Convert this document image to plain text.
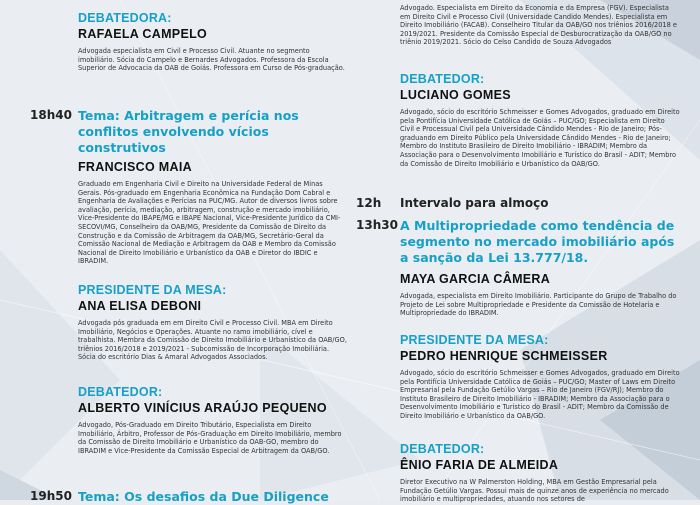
DEBATEDORA:
RAFAELA CAMPELO
Advogada especialista em Civil e Processo Civil. Atuante no segmento imobiliário. Sócia do Campelo e Bernardes Advogados. Professora da Escola Superior de Advocacia da OAB de Goiás. Professora em Curso de Pós-graduação.
18h40 Tema: Arbitragem e perícia nos conflitos envolvendo vícios construtivos
FRANCISCO MAIA
Graduado em Engenharia Civil e Direito na Universidade Federal de Minas Gerais. Pós-graduado em Engenharia Econômica na Fundação Dom Cabral e Engenharia de Avaliações e Perícias na PUC/MG. Autor de diversos livros sobre avaliação, perícia, mediação, arbitragem, construção e mercado imobiliário, Vice-Presidente do IBAPE/MG e IBAPE Nacional, Vice-Presidente Jurídico da CMI-SECOVI/MG, Conselheiro da OAB/MG, Presidente da Comissão de Direito da Construção e da Comissão de Arbitragem da OAB/MG, Secretário-Geral da Comissão Nacional de Mediação e Arbitragem da OAB e Membro da Comissão Nacional de Direito Imobiliário e Urbanístico da OAB e Diretor do IBDIC e IBRADIM.
PRESIDENTE DA MESA:
ANA ELISA DEBONI
Advogada pós graduada em em Direito Civil e Processo Civil. MBA em Direito Imobiliário, Negócios e Operações. Atuante no ramo imobiliário, cível e trabalhista. Membra da Comissão de Direito Imobiliário e Urbanístico da OAB/GO, triênios 2016/2018 e 2019/2021 - Subcomissão de Incorporação Imobiliária. Sócia do escritório Dias & Amaral Advogados Associados.
DEBATEDOR:
ALBERTO VINÍCIUS ARAÚJO PEQUENO
Advogado, Pós-Graduado em Direito Tributário, Especialista em Direito Imobiliário, Árbitro, Professor de Pós-Graduação em Direito Imobiliário, membro da Comissão de Direito Imobiliário e Urbanístico da OAB-GO, membro do IBRADIM e Vice-Presidente da Comissão Especial de Arbitragem da OAB/GO.
19h50 Tema: Os desafios da Due Diligence
Advogado. Especialista em Direito da Economia e da Empresa (FGV). Especialista em Direito Civil e Processo Civil (Universidade Candido Mendes). Especialista em Direito Imobiliário (FACAB). Conselheiro Titular da OAB/GO nos triênios 2016/2018 e 2019/2021. Presidente da Comissão Especial de Desburocratização da OAB/GO no triênio 2019/2021. Sócio do Celso Candido de Souza Advogados
DEBATEDOR:
LUCIANO GOMES
Advogado, sócio do escritório Schmeisser e Gomes Advogados, graduado em Direito pela Pontifícia Universidade Católica de Goiás – PUC/GO; Especialista em Direito Civil e Processual Civil pela Universidade Cândido Mendes - Rio de Janeiro; Pós-graduando em Direito Público pela Universidade Cândido Mendes - Rio de Janeiro; Membro do Instituto Brasileiro de Direito Imobiliário - IBRADIM; Membro da Associação para o Desenvolvimento Imobiliário e Turístico do Brasil - ADIT; Membro da Comissão de Direito Imobiliário e Urbanístico da OAB/GO.
12h	Intervalo para almoço
13h30 A Multipropriedade como tendência de segmento no mercado imobiliário após a sanção da Lei 13.777/18.
MAYA GARCIA CÂMERA
Advogada, especialista em Direito Imobiliário. Participante do Grupo de Trabalho do Projeto de Lei sobre Multipropriedade e Presidente da Comissão de Hotelaria e Multipropriedade do IBRADIM.
PRESIDENTE DA MESA:
PEDRO HENRIQUE SCHMEISSER
Advogado, sócio do escritório Schmeisser e Gomes Advogados, graduado em Direito pela Pontifícia Universidade Católica de Goiás – PUC/GO; Master of Laws em Direito Empresarial pela Fundação Getúlio Vargas – Rio de Janeiro (FGV/RJ); Membro do Instituto Brasileiro de Direito Imobiliário - IBRADIM; Membro da Associação para o Desenvolvimento Imobiliário e Turístico do Brasil - ADIT; Membro da Comissão de Direito Imobiliário e Urbanístico da OAB/GO.
DEBATEDOR:
ÊNIO FARIA DE ALMEIDA
Diretor Executivo na W Palmerston Holding, MBA em Gestão Empresarial pela Fundação Getúlio Vargas. Possui mais de quinze anos de experiência no mercado imobiliário e multipropriedades, atuando nos setores de
